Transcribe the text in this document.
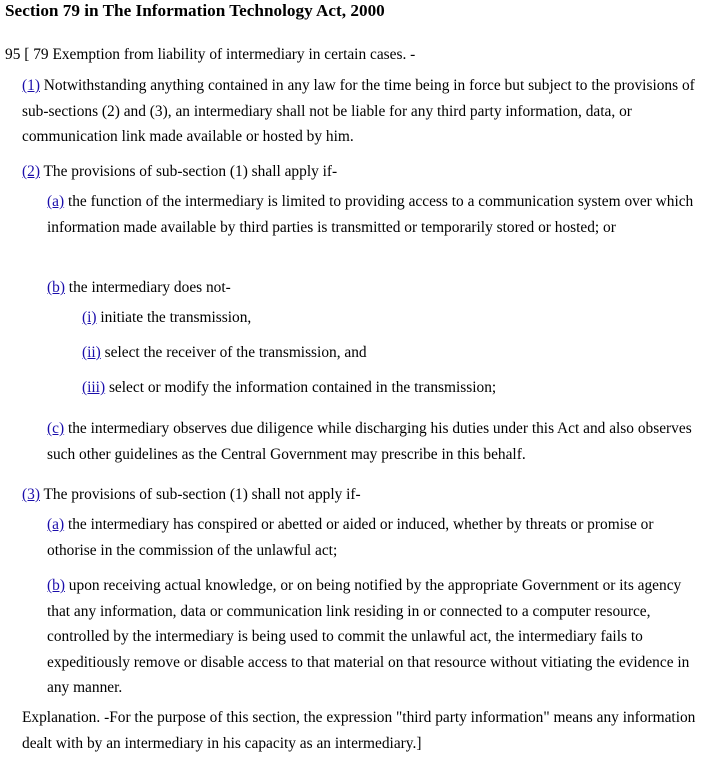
Section 79 in The Information Technology Act, 2000

95 [ 79 Exemption from liability of intermediary in certain cases. -

(1) Notwithstanding anything contained in any law for the time being in force but subject to the provisions of sub-sections (2) and (3), an intermediary shall not be liable for any third party information, data, or communication link made available or hosted by him.

(2) The provisions of sub-section (1) shall apply if-

(a) the function of the intermediary is limited to providing access to a communication system over which information made available by third parties is transmitted or temporarily stored or hosted; or

(b) the intermediary does not-

(i) initiate the transmission,

(ii) select the receiver of the transmission, and

(iii) select or modify the information contained in the transmission;

(c) the intermediary observes due diligence while discharging his duties under this Act and also observes such other guidelines as the Central Government may prescribe in this behalf.

(3) The provisions of sub-section (1) shall not apply if-

(a) the intermediary has conspired or abetted or aided or induced, whether by threats or promise or othorise in the commission of the unlawful act;

(b) upon receiving actual knowledge, or on being notified by the appropriate Government or its agency that any information, data or communication link residing in or connected to a computer resource, controlled by the intermediary is being used to commit the unlawful act, the intermediary fails to expeditiously remove or disable access to that material on that resource without vitiating the evidence in any manner.

Explanation. -For the purpose of this section, the expression "third party information" means any information dealt with by an intermediary in his capacity as an intermediary.]
